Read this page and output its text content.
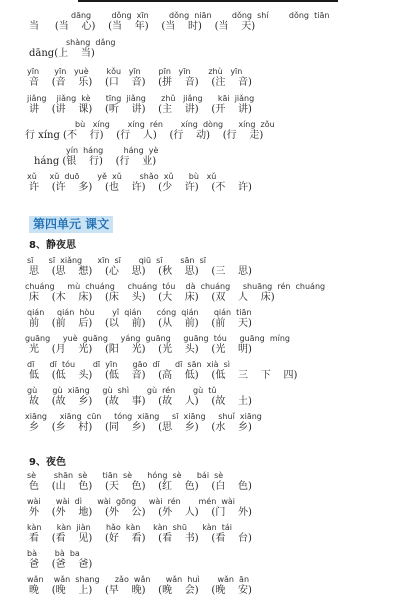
第四单元 课文
8、静夜思
9、夜色
dāng        dǒng  xīn        dǒng  niān        dǒng  shí        dǒng  tiān
当     (当    心)    (当    年)    (当    时)    (当    天)
shàng  dǎng
dāng(上    当)
yīn      yīn   yuè       kǒu   yīn       pīn   yīn       zhù   yīn
音    (音    乐)    (口    音)    (拼    音)    (注    音)
jiǎng    jiǎng  kè      tīng  jiǎng      zhǔ   jiǎng      kāi  jiǎng
讲    (讲    课)    (听    讲)    (主    讲)    (开    讲)
bù   xíng       xíng  rén       xíng  dòng      xíng  zǒu
行 xíng (不    行)    (行    人)    (行    动)    (行    走)
yín  háng        háng  yè
háng (银    行)    (行    业)
xǔ     xǔ  duō       yě  xǔ       shǎo  xǔ      bù   xǔ
许    (许    多)    (也    许)    (少    许)    (不    许)
sī      sī  xiǎng      xīn  sī       qiū  sī       sān  sī
思    (思    想)    (心    思)    (秋    思)    (三    思)
chuáng     mù  chuáng     chuáng  tóu    dà  chuáng     shuāng  rén  chuáng
床    (木    床)    (床    头)    (大    床)    (双    人    床)
qián     qián  hòu       yǐ  qián      cóng  qián      qián  tiān
前    (前    后)    (以    前)    (从    前)    (前    天)
guāng     yuè  guāng     yáng  guāng     guāng  tóu     guāng  míng
光    (月    光)    (阳    光)    (光    头)    (光    明)
dī      dī  tóu       dī  yīn      gāo  dī      dī  sān  xià  sì
低    (低    头)    (低    音)    (高    低)    (低    三    下    四)
gù      gù  xiāng     gù  shì       gù  rén       gù  tǔ
故    (故    乡)    (故    事)    (故    人)    (故    土)
xiāng     xiāng  cūn     tóng  xiāng     sī  xiāng     shuǐ  xiāng
乡    (乡    村)    (同    乡)    (思    乡)    (水    乡)
sè       shān  sè      tiān  sè      hóng  sè      bái  sè
色    (山    色)    (天    色)    (红    色)    (白    色)
wài      wài  dì      wài  gōng     wài  rén       mén  wài
外    (外    地)    (外    公)    (外    人)    (门    外)
kàn      kàn  jiàn      hǎo  kàn     kàn  shū      kàn  tái
看    (看    见)    (好    看)    (看    书)    (看    台)
bà       bà  ba
爸    (爸    爸)
wǎn    wǎn  shang      zǎo  wǎn      wǎn  huì       wǎn  ān
晚    (晚    上)    (早    晚)    (晚    会)    (晚    安)
